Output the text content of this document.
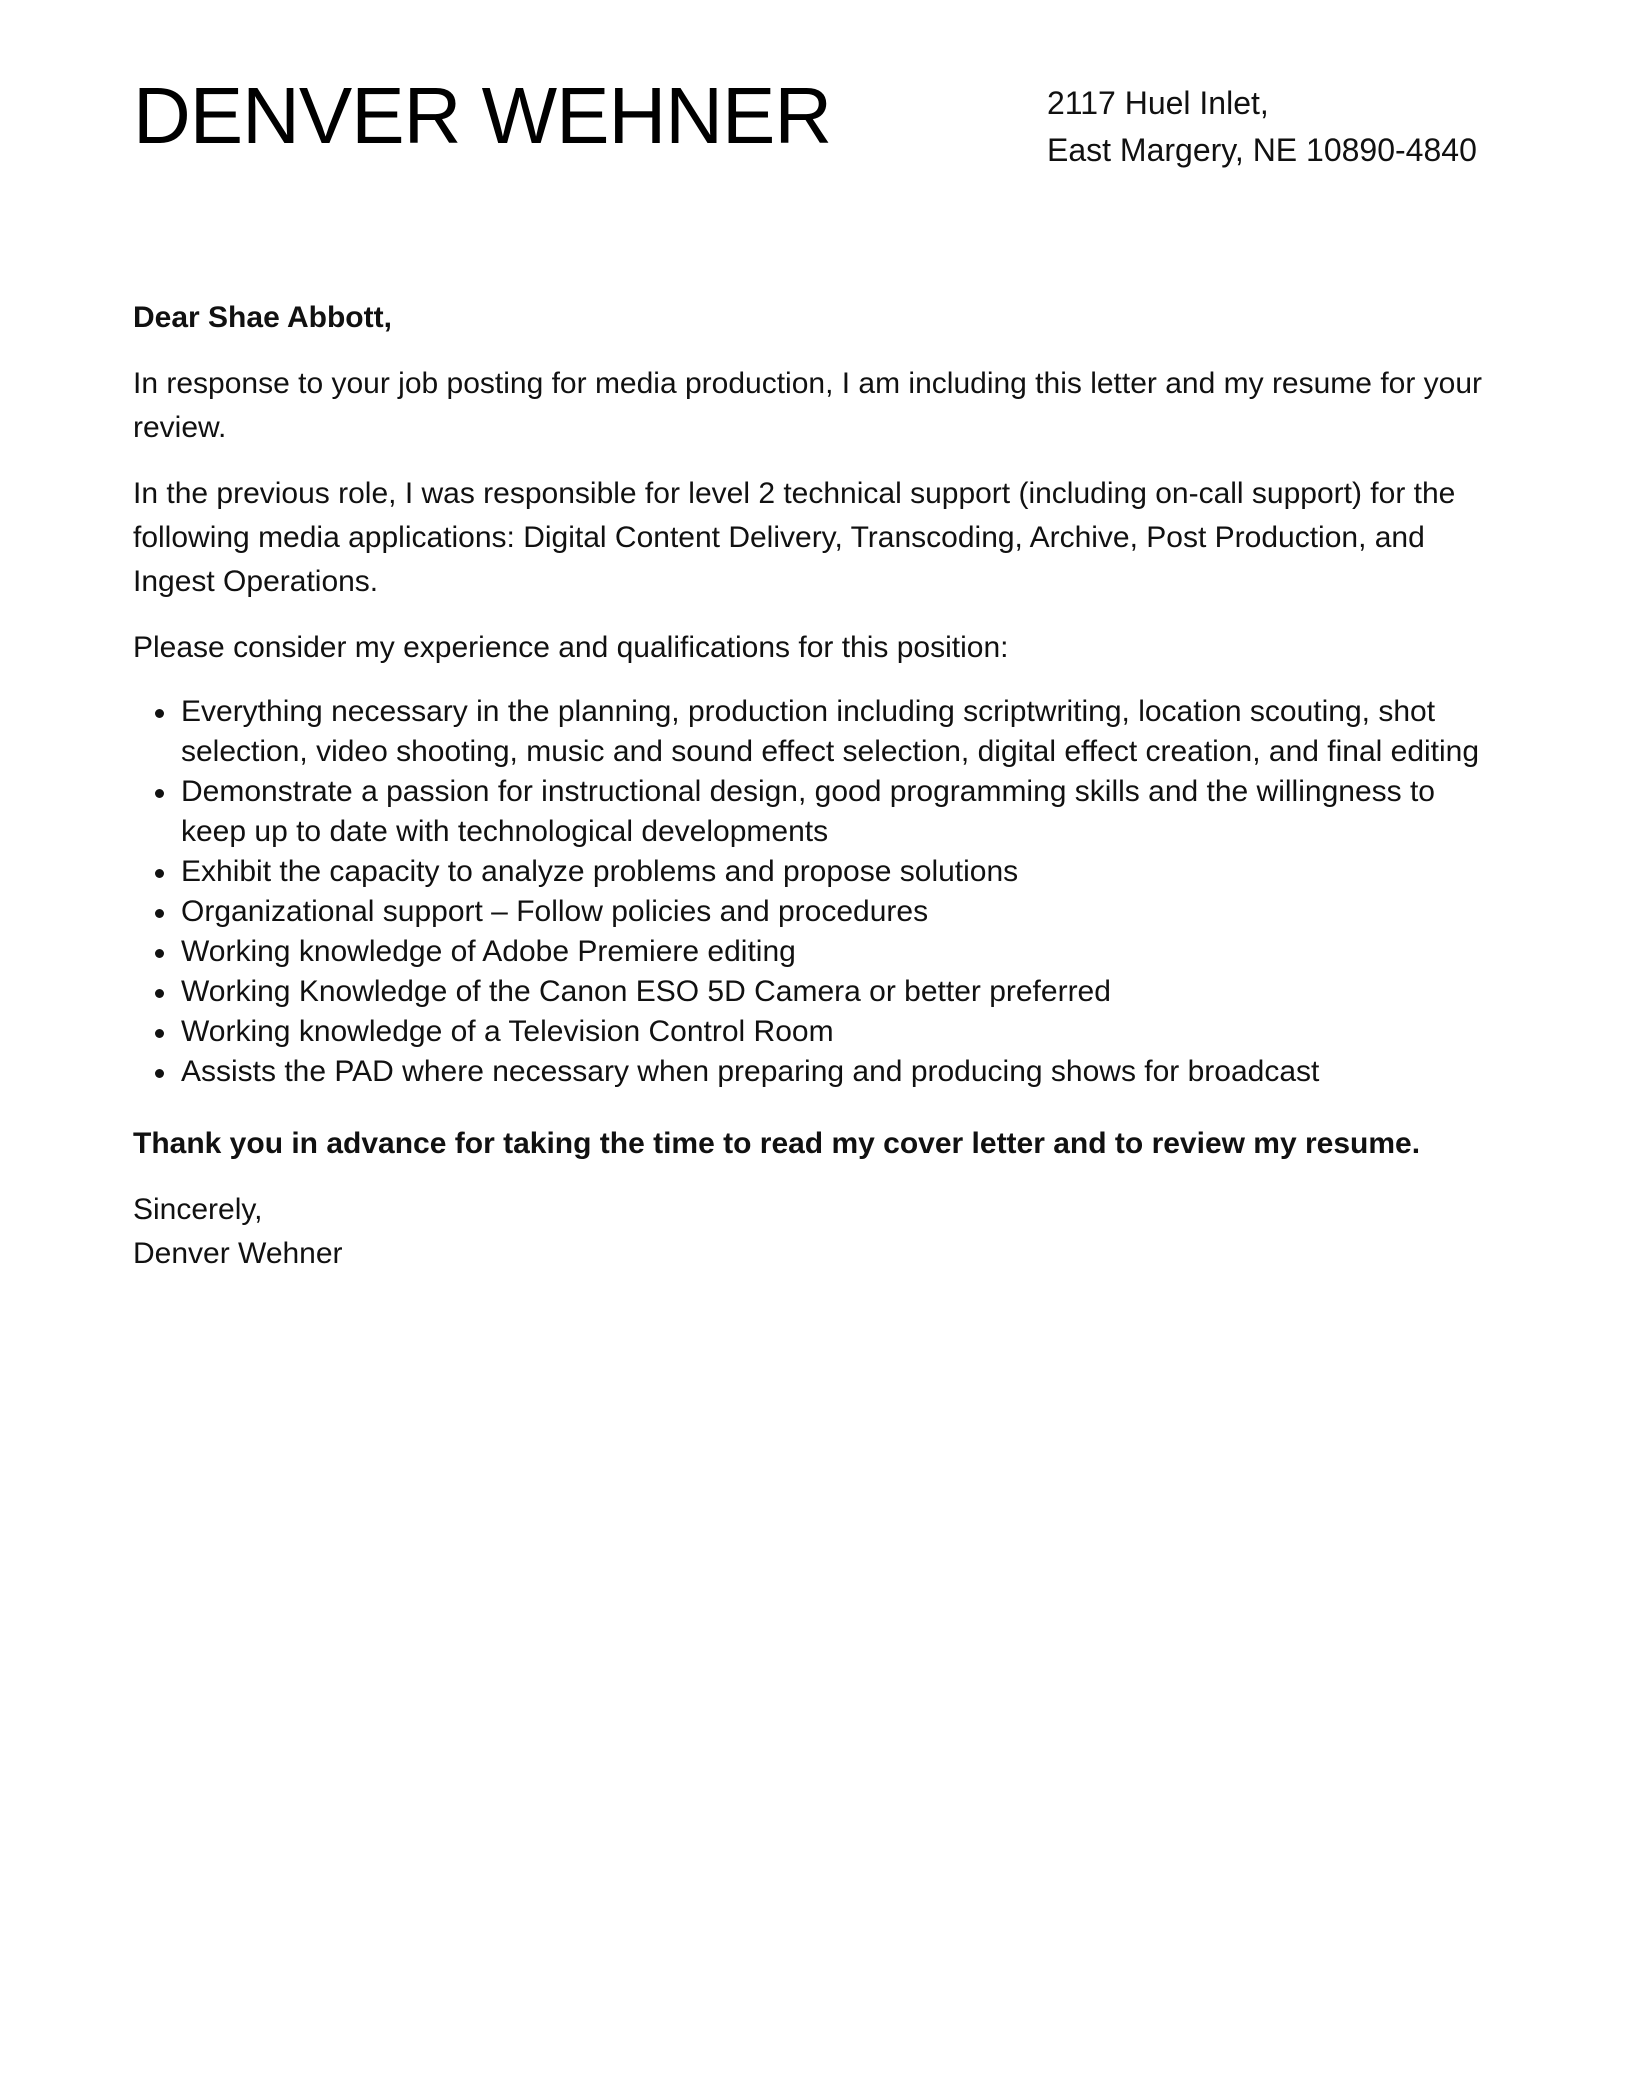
DENVER WEHNER	2117 Huel Inlet,
East Margery, NE 10890-4840

Dear Shae Abbott,

In response to your job posting for media production, I am including this letter and my resume for your review.

In the previous role, I was responsible for level 2 technical support (including on-call support) for the following media applications: Digital Content Delivery, Transcoding, Archive, Post Production, and Ingest Operations.

Please consider my experience and qualifications for this position:

Everything necessary in the planning, production including scriptwriting, location scouting, shot selection, video shooting, music and sound effect selection, digital effect creation, and final editing
Demonstrate a passion for instructional design, good programming skills and the willingness to keep up to date with technological developments
Exhibit the capacity to analyze problems and propose solutions
Organizational support – Follow policies and procedures
Working knowledge of Adobe Premiere editing
Working Knowledge of the Canon ESO 5D Camera or better preferred
Working knowledge of a Television Control Room
Assists the PAD where necessary when preparing and producing shows for broadcast

Thank you in advance for taking the time to read my cover letter and to review my resume.

Sincerely,

Denver Wehner
